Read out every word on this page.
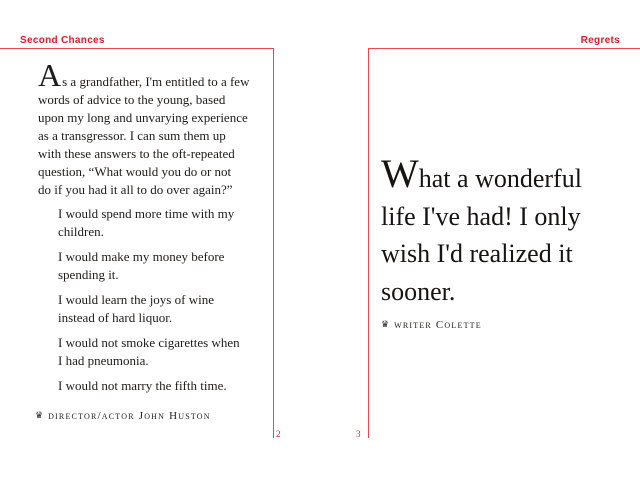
Second Chances	Regrets
As a grandfather, I'm entitled to a few
words of advice to the young, based
upon my long and unvarying experience
as a transgressor. I can sum them up
with these answers to the oft-repeated
question, “What would you do or not
do if you had it all to do over again?”
I would spend more time with my
children.
I would make my money before
spending it.
I would learn the joys of wine
instead of hard liquor.
I would not smoke cigarettes when
I had pneumonia.
I would not marry the fifth time.
♛ director/actor John Huston
What a wonderful
life I've had! I only
wish I'd realized it
sooner.
♛ writer Colette
2	3
